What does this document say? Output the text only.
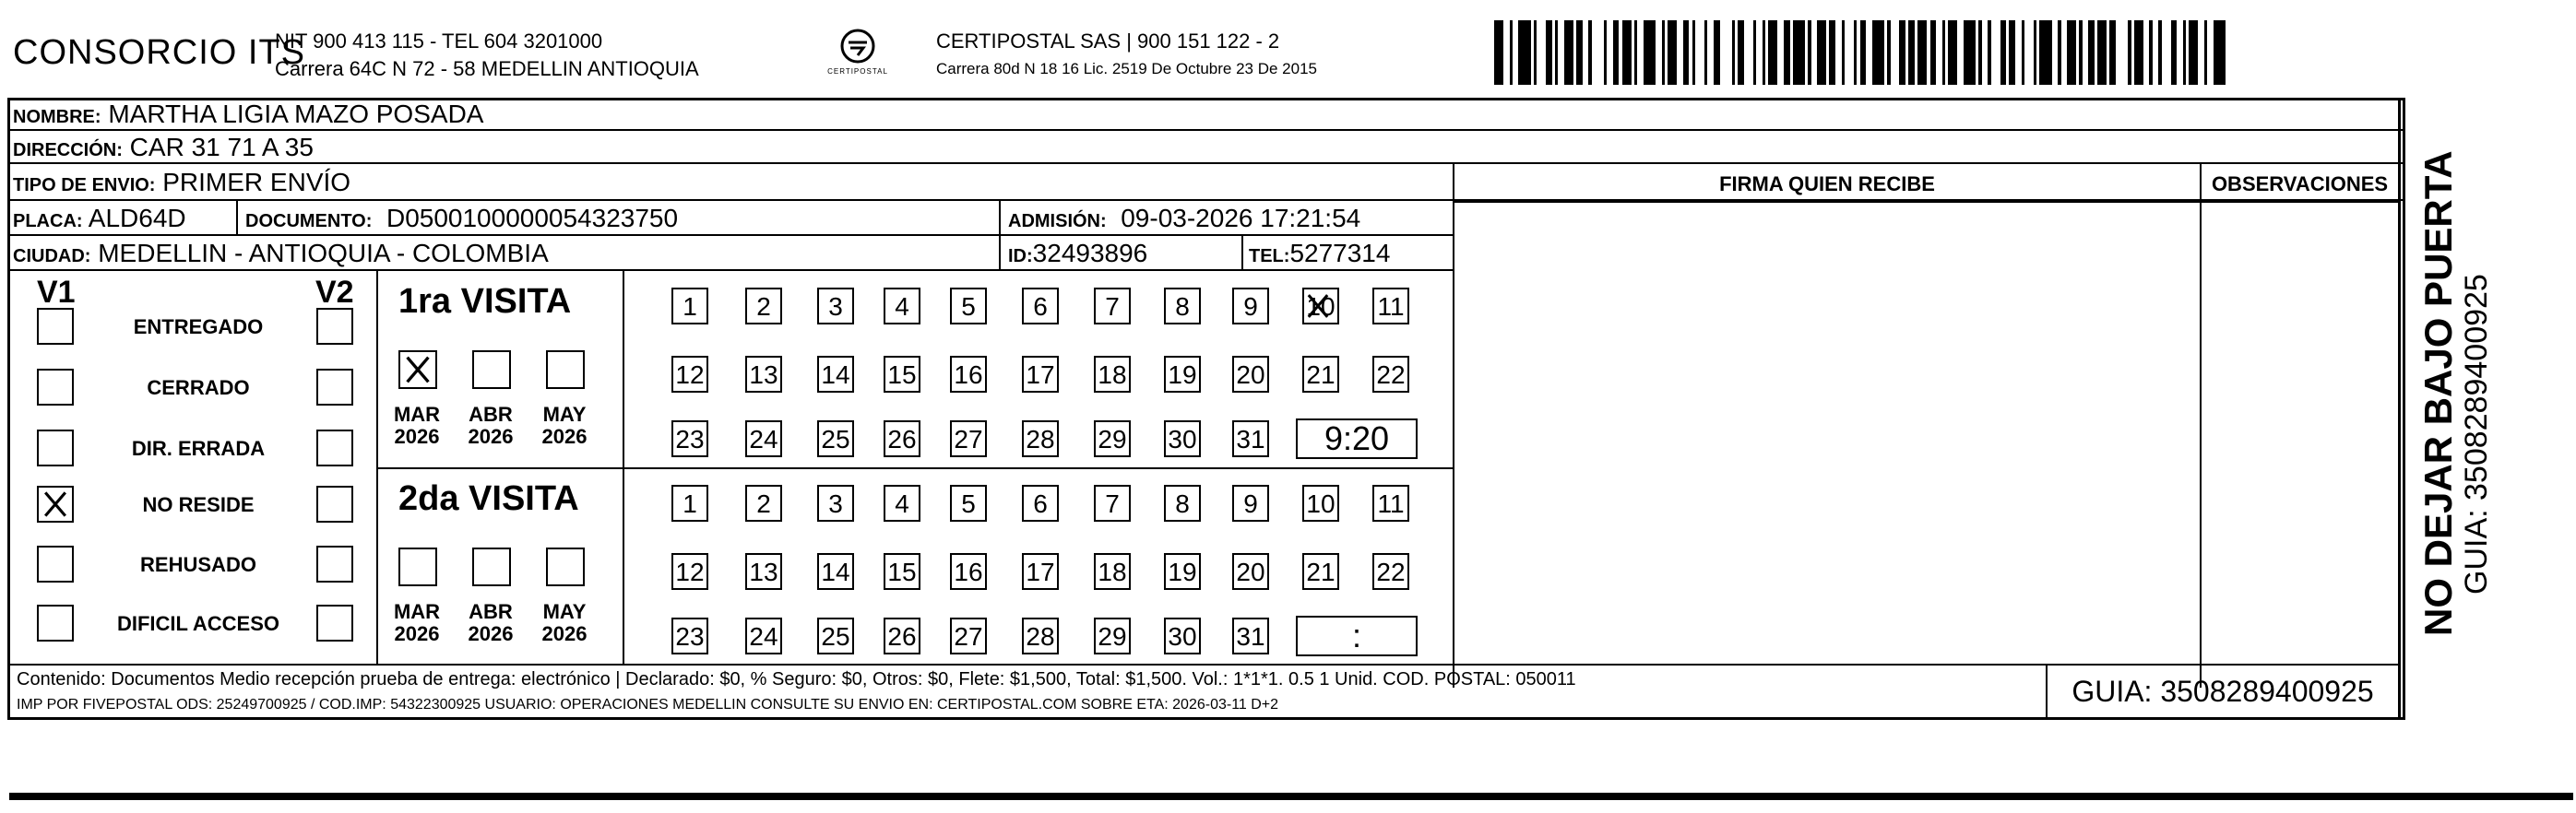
CONSORCIO ITS
NIT 900 413 115 - TEL 604 3201000
Carrera 64C N 72 - 58 MEDELLIN ANTIOQUIA	CERTIPOSTAL
CERTIPOSTAL SAS | 900 151 122 - 2
Carrera 80d N 18 16 Lic. 2519 De Octubre 23 De 2015
NOMBRE: MARTHA LIGIA MAZO POSADA
DIRECCIÓN: CAR 31 71 A 35
TIPO DE ENVIO: PRIMER ENVÍO	FIRMA QUIEN RECIBE	OBSERVACIONES
PLACA: ALD64D	DOCUMENTO: D0500100000054323750	ADMISIÓN: 09-03-2026 17:21:54
CIUDAD: MEDELLIN - ANTIOQUIA - COLOMBIA	ID:32493896	TEL:5277314
V1	V2
ENTREGADO
CERRADO
DIR. ERRADA
NO RESIDE
REHUSADO
DIFICIL ACCESO
1ra VISITA
MAR
2026
ABR
2026
MAY
2026
1	2	3	4	5	6	7	8	9	10 11
12 13 14 15 16 17 18 19 20 21 22
23 24 25 26 27 28 29 30 31	9:20
2da VISITA
MAR
2026
ABR
2026
MAY
2026
1	2	3	4	5	6	7	8	9	10 11
12 13 14 15 16 17 18 19 20 21 22
23 24 25 26 27 28 29 30 31	:
Contenido: Documentos Medio recepción prueba de entrega: electrónico | Declarado: $0, % Seguro: $0, Otros: $0, Flete: $1,500, Total: $1,500. Vol.: 1*1*1. 0.5 1 Unid. COD. POSTAL: 050011
IMP POR FIVEPOSTAL ODS: 25249700925 / COD.IMP: 54322300925 USUARIO: OPERACIONES MEDELLIN CONSULTE SU ENVIO EN: CERTIPOSTAL.COM SOBRE ETA: 2026-03-11 D+2	GUIA: 3508289400925
NO DEJAR BAJO PUERTA GUIA: 3508289400925
